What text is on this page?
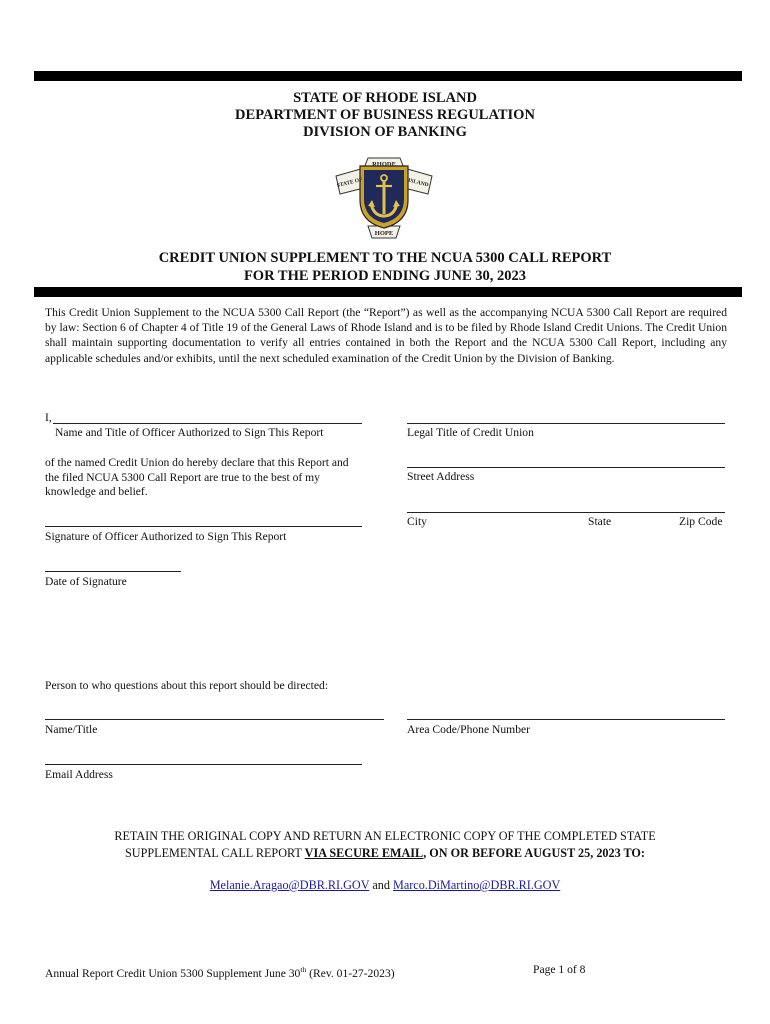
STATE OF RHODE ISLAND
DEPARTMENT OF BUSINESS REGULATION
DIVISION OF BANKING
RHODE
STATE OF	ISLAND
HOPE
CREDIT UNION SUPPLEMENT TO THE NCUA 5300 CALL REPORT
FOR THE PERIOD ENDING JUNE 30, 2023
This Credit Union Supplement to the NCUA 5300 Call Report (the “Report”) as well as the accompanying NCUA 5300 Call Report are required by law: Section 6 of Chapter 4 of Title 19 of the General Laws of Rhode Island and is to be filed by Rhode Island Credit Unions. The Credit Union shall maintain supporting documentation to verify all entries contained in both the Report and the NCUA 5300 Call Report, including any applicable schedules and/or exhibits, until the next scheduled examination of the Credit Union by the Division of Banking.
I,
Name and Title of Officer Authorized to Sign This Report
of the named Credit Union do hereby declare that this Report and the filed NCUA 5300 Call Report are true to the best of my knowledge and belief.
Signature of Officer Authorized to Sign This Report
Date of Signature
Legal Title of Credit Union
Street Address
City	State	Zip Code
Person to who questions about this report should be directed:
Name/Title	Area Code/Phone Number
Email Address
RETAIN THE ORIGINAL COPY AND RETURN AN ELECTRONIC COPY OF THE COMPLETED STATE
SUPPLEMENTAL CALL REPORT VIA SECURE EMAIL, ON OR BEFORE AUGUST 25, 2023 TO:
Melanie.Aragao@DBR.RI.GOV and Marco.DiMartino@DBR.RI.GOV
Annual Report Credit Union 5300 Supplement June 30th (Rev. 01-27-2023)	Page 1 of 8
